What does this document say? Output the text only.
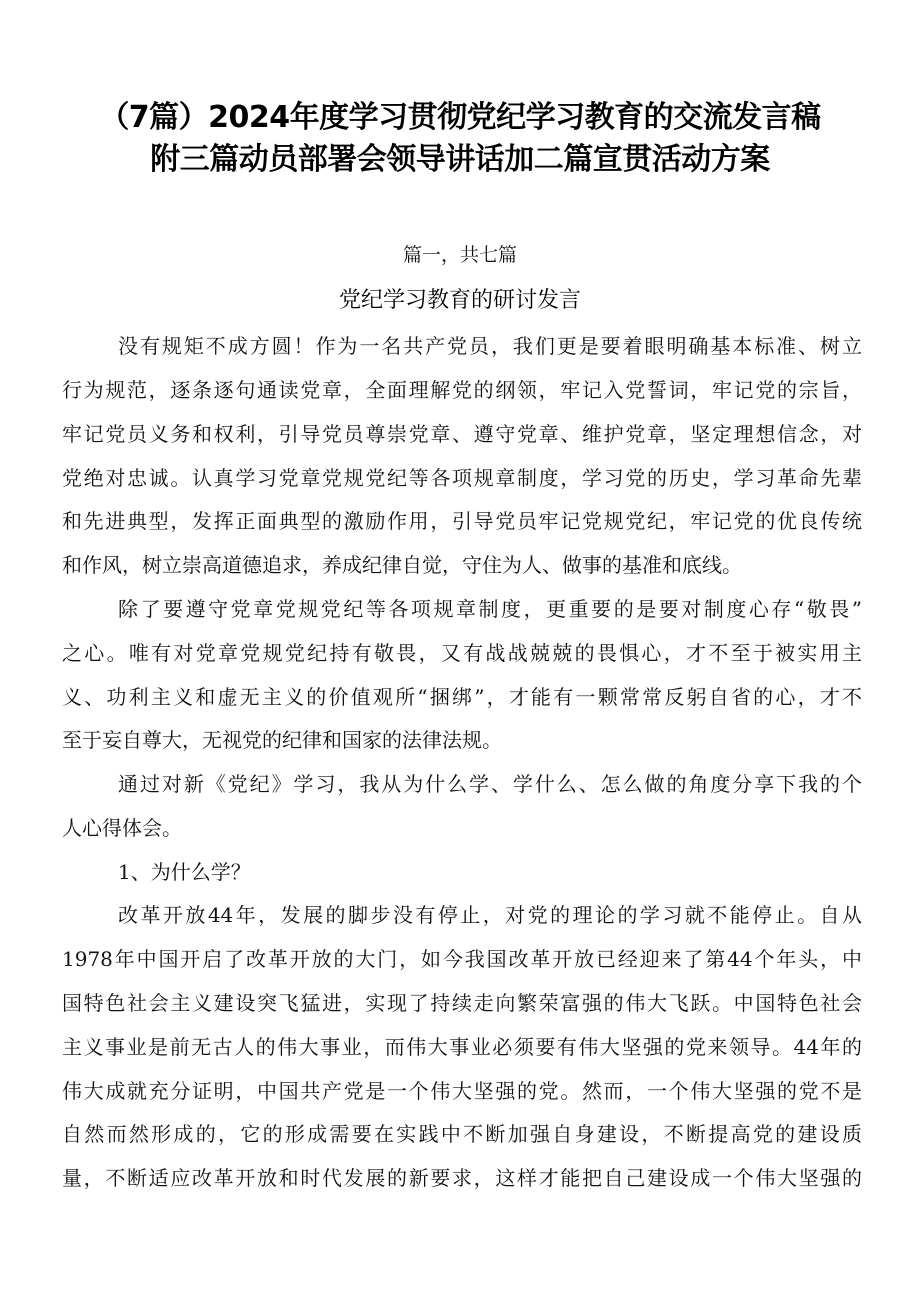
（7篇）2024年度学习贯彻党纪学习教育的交流发言稿
附三篇动员部署会领导讲话加二篇宣贯活动方案
篇一，共七篇
党纪学习教育的研讨发言
没有规矩不成方圆！作为一名共产党员，我们更是要着眼明确基本标准、树立
行为规范，逐条逐句通读党章，全面理解党的纲领，牢记入党誓词，牢记党的宗旨，
牢记党员义务和权利，引导党员尊崇党章、遵守党章、维护党章，坚定理想信念，对
党绝对忠诚。认真学习党章党规党纪等各项规章制度，学习党的历史，学习革命先辈
和先进典型，发挥正面典型的激励作用，引导党员牢记党规党纪，牢记党的优良传统
和作风，树立崇高道德追求，养成纪律自觉，守住为人、做事的基准和底线。
除了要遵守党章党规党纪等各项规章制度，更重要的是要对制度心存“敬畏”
之心。唯有对党章党规党纪持有敬畏，又有战战兢兢的畏惧心，才不至于被实用主
义、功利主义和虚无主义的价值观所“捆绑”，才能有一颗常常反躬自省的心，才不
至于妄自尊大，无视党的纪律和国家的法律法规。
通过对新《党纪》学习，我从为什么学、学什么、怎么做的角度分享下我的个
人心得体会。
1、为什么学？
改革开放44年，发展的脚步没有停止，对党的理论的学习就不能停止。自从
1978年中国开启了改革开放的大门，如今我国改革开放已经迎来了第44个年头，中
国特色社会主义建设突飞猛进，实现了持续走向繁荣富强的伟大飞跃。中国特色社会
主义事业是前无古人的伟大事业，而伟大事业必须要有伟大坚强的党来领导。44年的
伟大成就充分证明，中国共产党是一个伟大坚强的党。然而，一个伟大坚强的党不是
自然而然形成的，它的形成需要在实践中不断加强自身建设，不断提高党的建设质
量，不断适应改革开放和时代发展的新要求，这样才能把自己建设成一个伟大坚强的
